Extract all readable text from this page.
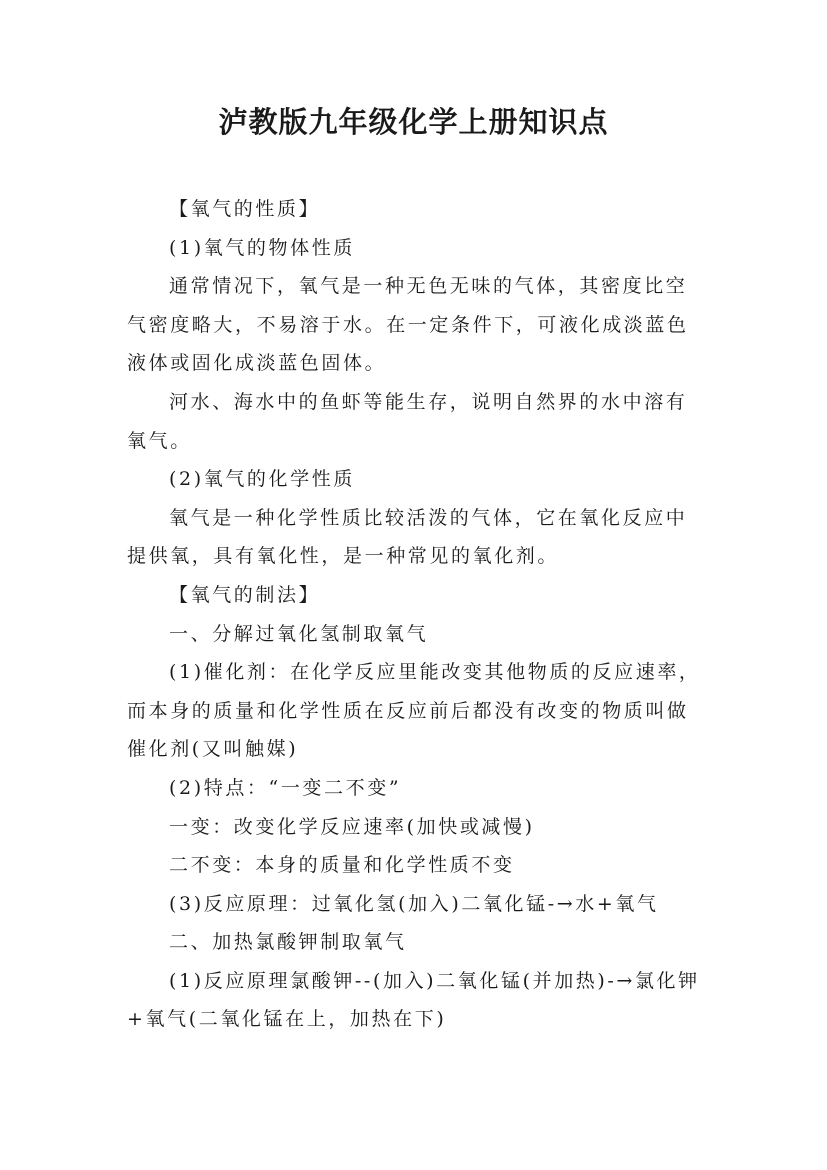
泸教版九年级化学上册知识点

【氧气的性质】

(1)氧气的物体性质

通常情况下，氧气是一种无色无味的气体，其密度比空气密度略大，不易溶于水。在一定条件下，可液化成淡蓝色液体或固化成淡蓝色固体。

河水、海水中的鱼虾等能生存，说明自然界的水中溶有氧气。

(2)氧气的化学性质

氧气是一种化学性质比较活泼的气体，它在氧化反应中提供氧，具有氧化性，是一种常见的氧化剂。

【氧气的制法】

一、分解过氧化氢制取氧气

(1)催化剂：在化学反应里能改变其他物质的反应速率，而本身的质量和化学性质在反应前后都没有改变的物质叫做催化剂(又叫触媒)

(2)特点：“一变二不变”

一变：改变化学反应速率(加快或减慢)

二不变：本身的质量和化学性质不变

(3)反应原理：过氧化氢(加入)二氧化锰-→水+氧气

二、加热氯酸钾制取氧气

(1)反应原理氯酸钾--(加入)二氧化锰(并加热)-→氯化钾+氧气(二氧化锰在上，加热在下)
